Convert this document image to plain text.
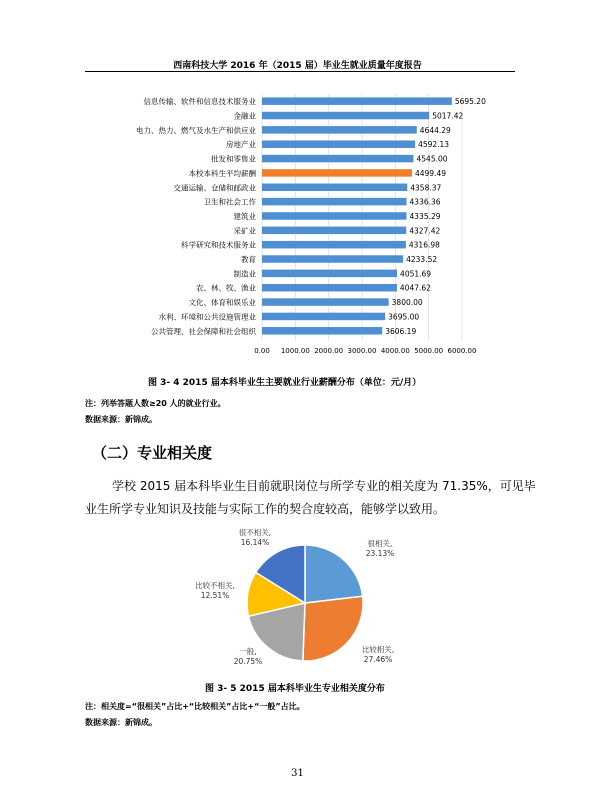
西南科技大学 2016 年（2015 届）毕业生就业质量年度报告
0.00 1000.00 2000.00 3000.00 4000.00 5000.00 6000.00
信息传输、软件和信息技术服务业	5695.20
金融业	5017.42
电力、热力、燃气及水生产和供应业	4644.29
房地产业	4592.13
批发和零售业	4545.00
本校本科生平均薪酬	4499.49
交通运输、仓储和邮政业	4358.37
卫生和社会工作	4336.36
建筑业	4335.29
采矿业	4327.42
科学研究和技术服务业	4316.98
教育	4233.52
制造业	4051.69
农、林、牧、渔业	4047.62
文化、体育和娱乐业	3800.00
水利、环境和公共设施管理业	3695.00
公共管理、社会保障和社会组织	3606.19
图 3- 4 2015 届本科毕业生主要就业行业薪酬分布（单位：元/月）
注：列举答题人数≥20 人的就业行业。
数据来源：新锦成。
（二）专业相关度
学校 2015 届本科毕业生目前就职岗位与所学专业的相关度为 71.35%，可见毕
业生所学专业知识及技能与实际工作的契合度较高，能够学以致用。
很相关,
23.13%
比较相关,
27.46%
一般,
20.75%
比较不相关,
12.51%
很不相关,
16.14%
图 3- 5 2015 届本科毕业生专业相关度分布
注：相关度=“很相关”占比+“比较相关”占比+“一般”占比。
数据来源：新锦成。
31
